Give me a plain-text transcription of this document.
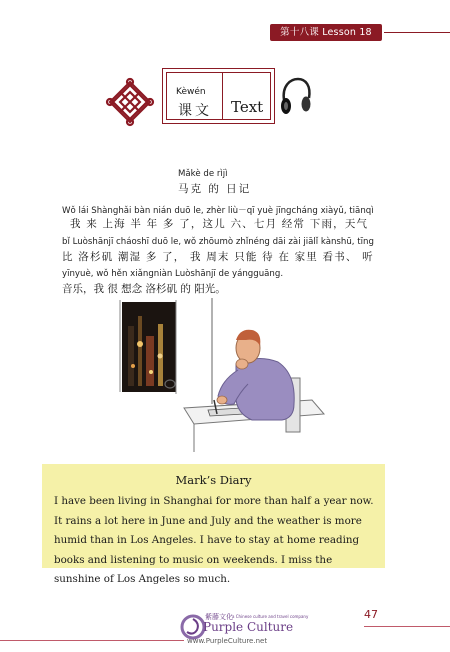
第十八课 Lesson 18
Kèwén
课文 Text
Mǎkè de rìjì
马克 的 日记
Wǒ lái Shànghǎi bàn nián duō le, zhèr liù－qī yuè jīngcháng xiàyǔ, tiānqì
我 来 上海 半 年 多 了，这儿 六、七月 经常 下雨，天气
bǐ Luòshānjī cháoshī duō le, wǒ zhōumò zhǐnéng dāi zài jiālǐ kànshū, tīng
比 洛杉矶 潮湿 多 了， 我 周末 只能 待 在 家里 看书、 听
yīnyuè, wǒ hěn xiǎngniàn Luòshānjī de yángguāng.
音乐，我 很 想念 洛杉矶 的 阳光。
Mark’s Diary
I have been living in Shanghai for more than half a year now. It rains a lot here in June and July and the weather is more humid than in Los Angeles. I have to stay at home reading books and listening to music on weekends. I miss the sunshine of Los Angeles so much.
47
紫藤文化 a Chinese culture and travel company
Purple Culture
www.PurpleCulture.net
